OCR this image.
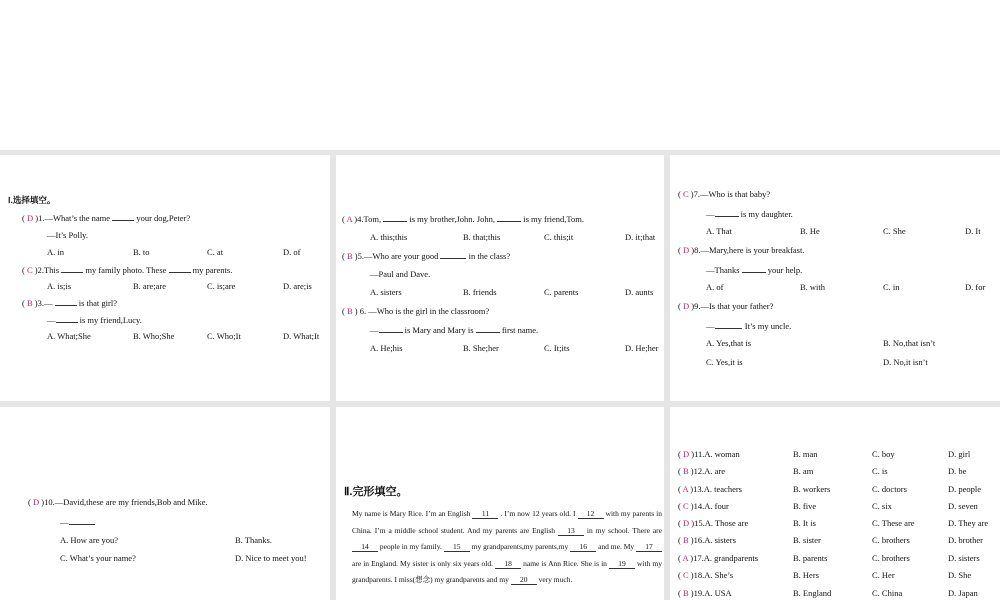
Ⅰ.选择填空。
( D )1.—What’s the name	your dog,Peter?
—It’s Polly.
A. in	B. to	C. at	D. of
( C )2.This	my family photo. These	my parents.
A. is;is	B. are;are	C. is;are	D. are;is
( B )3.—	is that girl?
—	is my friend,Lucy.
A. What;She	B. Who;She	C. Who;It	D. What;It
( A )4.Tom,	is my brother,John. John,	is my friend,Tom.
A. this;this	B. that;this	C. this;it	D. it;that
( B )5.—Who are your good	in the class?
—Paul and Dave.
A. sisters	B. friends	C. parents	D. aunts
( B ) 6. —Who is the girl in the classroom?
—	is Mary and Mary is	first name.
A. He;his	B. She;her	C. It;its	D. He;her
( C )7.—Who is that baby?
—	is my daughter.
A. That	B. He	C. She	D. It
( D )8.—Mary,here is your breakfast.
—Thanks	your help.
A. of	B. with	C. in	D. for
( D )9.—Is that your father?
—	. It’s my uncle.
A. Yes,that is	B. No,that isn’t
C. Yes,it is	D. No,it isn’t
( D )10.—David,these are my friends,Bob and Mike.
—
A. How are you?	B. Thanks.
C. What’s your name?	D. Nice to meet you!
Ⅱ.完形填空。
My name is Mary Rice. I’m an English 11 . I’m now 12 years old. I 12 with my parents in China. I’m a middle school student. And my parents are English 13 in my school. There are 14 people in my family. 15 my grandparents,my parents,my 16 and me. My 17 are in England. My sister is only six years old. 18 name is Ann Rice. She is in 19 with my grandparents. I miss(想念) my grandparents and my 20 very much.
( D )11.A. woman	B. man	C. boy	D. girl
( B )12.A. are	B. am	C. is	D. be
( A )13.A. teachers	B. workers	C. doctors	D. people
( C )14.A. four	B. five	C. six	D. seven
( D )15.A. Those are	B. It is	C. These are	D. They are
( B )16.A. sisters	B. sister	C. brothers	D. brother
( A )17.A. grandparents	B. parents	C. brothers	D. sisters
( C )18.A. She’s	B. Hers	C. Her	D. She
( B )19.A. USA	B. England	C. China	D. Japan
